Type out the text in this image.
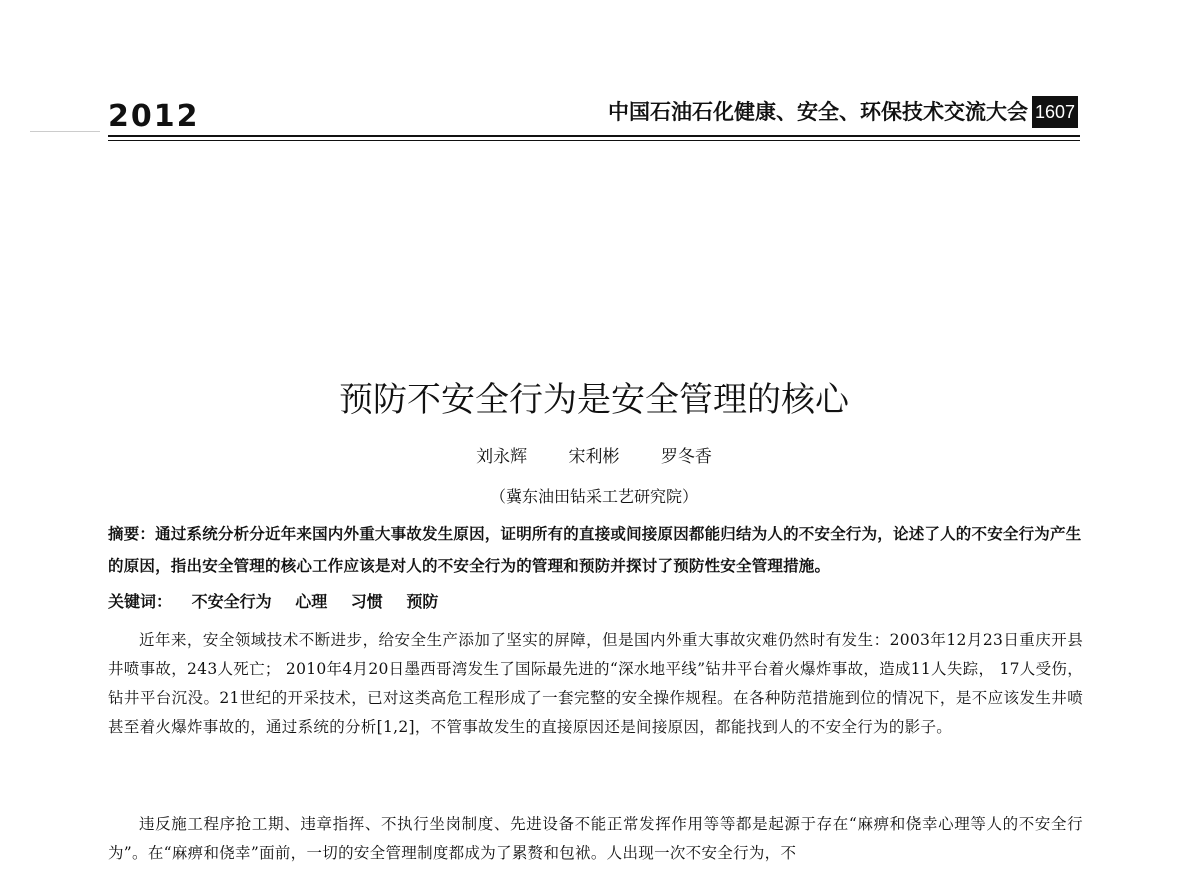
2012	中国石油石化健康、安全、环保技术交流大会 1607
预防不安全行为是安全管理的核心
刘永辉 宋利彬 罗冬香
（冀东油田钻采工艺研究院）
摘要：通过系统分析分近年来国内外重大事故发生原因，证明所有的直接或间接原因都能归结为人的不安全行为，论述了人的不安全行为产生的原因，指出安全管理的核心工作应该是对人的不安全行为的管理和预防并探讨了预防性安全管理措施。
关键词： 不安全行为 心理 习惯 预防
近年来，安全领域技术不断进步，给安全生产添加了坚实的屏障，但是国内外重大事故灾难仍然时有发生：2003年12月23日重庆开县井喷事故，243人死亡； 2010年4月20日墨西哥湾发生了国际最先进的“深水地平线”钻井平台着火爆炸事故，造成11人失踪， 17人受伤，钻井平台沉没。21世纪的开采技术，已对这类高危工程形成了一套完整的安全操作规程。在各种防范措施到位的情况下，是不应该发生井喷甚至着火爆炸事故的，通过系统的分析[1,2]，不管事故发生的直接原因还是间接原因，都能找到人的不安全行为的影子。
违反施工程序抢工期、违章指挥、不执行坐岗制度、先进设备不能正常发挥作用等等都是起源于存在“麻痹和侥幸心理等人的不安全行为”。在“麻痹和侥幸”面前，一切的安全管理制度都成为了累赘和包袱。人出现一次不安全行为，不
